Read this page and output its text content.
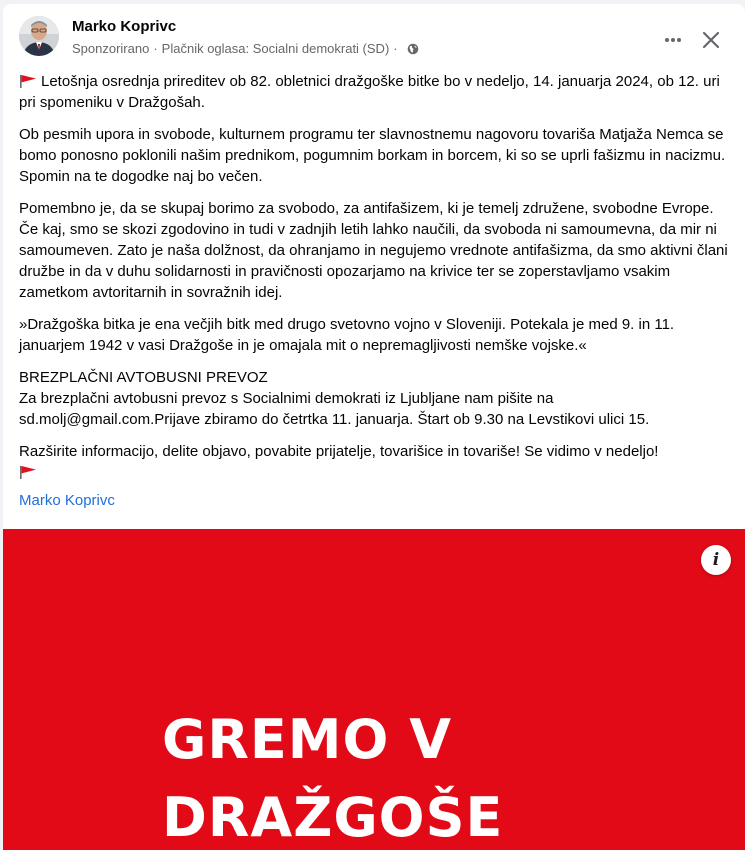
Marko Koprivc
Sponzorirano · Plačnik oglasa: Socialni demokrati (SD) ·

Letošnja osrednja prireditev ob 82. obletnici dražgoške bitke bo v nedeljo, 14. januarja 2024, ob 12. uri pri spomeniku v Dražgošah.

Ob pesmih upora in svobode, kulturnem programu ter slavnostnemu nagovoru tovariša Matjaža Nemca se bomo ponosno poklonili našim prednikom, pogumnim borkam in borcem, ki so se uprli fašizmu in nacizmu. Spomin na te dogodke naj bo večen.

Pomembno je, da se skupaj borimo za svobodo, za antifašizem, ki je temelj združene, svobodne Evrope. Če kaj, smo se skozi zgodovino in tudi v zadnjih letih lahko naučili, da svoboda ni samoumevna, da mir ni samoumeven. Zato je naša dolžnost, da ohranjamo in negujemo vrednote antifašizma, da smo aktivni člani družbe in da v duhu solidarnosti in pravičnosti opozarjamo na krivice ter se zoperstavljamo vsakim zametkom avtoritarnih in sovražnih idej.

»Dražgoška bitka je ena večjih bitk med drugo svetovno vojno v Sloveniji. Potekala je med 9. in 11. januarjem 1942 v vasi Dražgoše in je omajala mit o nepremagljivosti nemške vojske.«

BREZPLAČNI AVTOBUSNI PREVOZ
Za brezplačni avtobusni prevoz s Socialnimi demokrati iz Ljubljane nam pišite na sd.molj@gmail.com.Prijave zbiramo do četrtka 11. januarja. Štart ob 9.30 na Levstikovi ulici 15.

Razširite informacijo, delite objavo, povabite prijatelje, tovarišice in tovariše! Se vidimo v nedeljo!

Marko Koprivc
i
GREMO V
DRAŽGOŠE
